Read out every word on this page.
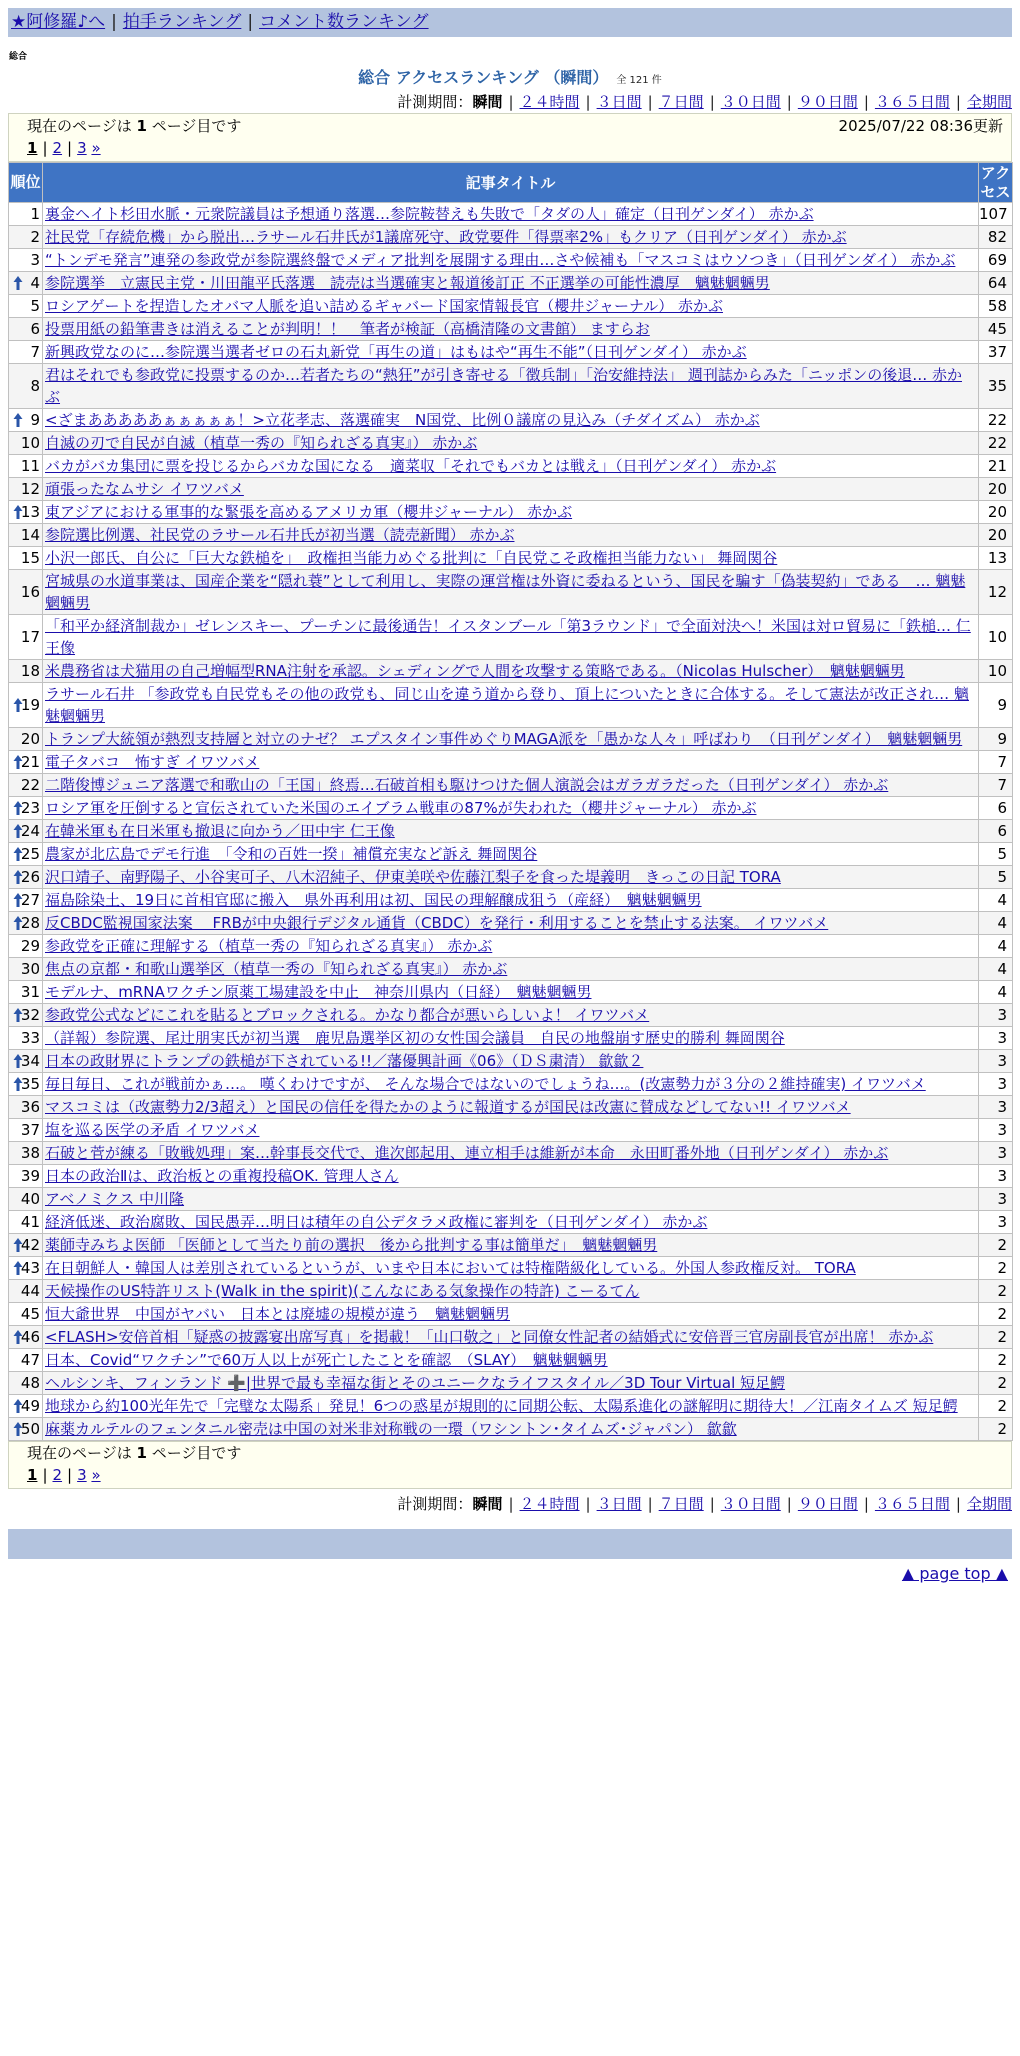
★阿修羅♪へ | 拍手ランキング | コメント数ランキング
総合
総合 アクセスランキング （瞬間） 全 121 件
計測期間：瞬間 | ２４時間 | ３日間 | ７日間 | ３０日間 | ９０日間 | ３６５日間 | 全期間
現在のページは 1 ページ目です	2025/07/22 08:36更新
1 | 2 | 3 »
順位	記事タイトル	アクセス
1	裏金ヘイト杉田水脈・元衆院議員は予想通り落選…参院鞍替えも失敗で「タダの人」確定（日刊ゲンダイ） 赤かぶ	107
2	社民党「存続危機」から脱出…ラサール石井氏が1議席死守、政党要件「得票率2%」もクリア（日刊ゲンダイ） 赤かぶ	82
3	“トンデモ発言”連発の参政党が参院選終盤でメディア批判を展開する理由…さや候補も「マスコミはウソつき」（日刊ゲンダイ） 赤かぶ	69

4	参院選挙　立憲民主党・川田龍平氏落選　読売は当選確実と報道後訂正 不正選挙の可能性濃厚　魑魅魍魎男	64
5	ロシアゲートを捏造したオバマ人脈を追い詰めるギャバード国家情報長官（櫻井ジャーナル） 赤かぶ	58
6	投票用紙の鉛筆書きは消えることが判明！！　筆者が検証（高橋清隆の文書館） ますらお	45
7	新興政党なのに…参院選当選者ゼロの石丸新党「再生の道」はもはや“再生不能”（日刊ゲンダイ） 赤かぶ	37
8	君はそれでも参政党に投票するのか…若者たちの“熱狂”が引き寄せる「徴兵制」「治安維持法」 週刊誌からみた「ニッポンの後退… 赤かぶ	35

9	<ざまあああああぁぁぁぁぁ！>立花孝志、落選確実　N国党、比例０議席の見込み（チダイズム） 赤かぶ	22
10	自滅の刃で自民が自滅（植草一秀の『知られざる真実』） 赤かぶ	22
11	バカがバカ集団に票を投じるからバカな国になる　適菜収「それでもバカとは戦え」（日刊ゲンダイ） 赤かぶ	21
12	頑張ったなムサシ イワツバメ	20

13	東アジアにおける軍事的な緊張を高めるアメリカ軍（櫻井ジャーナル） 赤かぶ	20
14	参院選比例選、社民党のラサール石井氏が初当選（読売新聞） 赤かぶ	20
15	小沢一郎氏、自公に「巨大な鉄槌を」　政権担当能力めぐる批判に「自民党こそ政権担当能力ない」 舞岡関谷	13
16	宮城県の水道事業は、国産企業を“隠れ蓑”として利用し、実際の運営権は外資に委ねるという、国民を騙す「偽装契約」である　… 魑魅魍魎男	12
17	「和平か経済制裁か」ゼレンスキー、プーチンに最後通告！イスタンブール「第3ラウンド」で全面対決へ！米国は対ロ貿易に「鉄槌… 仁王像	10
18	米農務省は犬猫用の自己増幅型RNA注射を承認。シェディングで人間を攻撃する策略である。（Nicolas Hulscher）　魑魅魍魎男	10

19	ラサール石井 「参政党も自民党もその他の政党も、同じ山を違う道から登り、頂上についたときに合体する。そして憲法が改正され… 魑魅魍魎男	9
20	トランプ大統領が熱烈支持層と対立のナゼ？ エプスタイン事件めぐりMAGA派を「愚かな人々」呼ばわり　（日刊ゲンダイ）　魑魅魍魎男	9

21	電子タバコ　怖すぎ イワツバメ	7
22	二階俊博ジュニア落選で和歌山の「王国」終焉…石破首相も駆けつけた個人演説会はガラガラだった（日刊ゲンダイ） 赤かぶ	7

23	ロシア軍を圧倒すると宣伝されていた米国のエイブラム戦車の87%が失われた（櫻井ジャーナル） 赤かぶ	6

24	在韓米軍も在日米軍も撤退に向かう／田中宇 仁王像	6

25	農家が北広島でデモ行進　「令和の百姓一揆」補償充実など訴え 舞岡関谷	5

26	沢口靖子、南野陽子、小谷実可子、八木沼純子、伊東美咲や佐藤江梨子を食った堤義明　きっこの日記 TORA	5

27	福島除染土、19日に首相官邸に搬入　県外再利用は初、国民の理解醸成狙う（産経）　魑魅魍魎男	4

28	反CBDC監視国家法案　 FRBが中央銀行デジタル通貨（CBDC）を発行・利用することを禁止する法案。 イワツバメ	4
29	参政党を正確に理解する（植草一秀の『知られざる真実』） 赤かぶ	4
30	焦点の京都・和歌山選挙区（植草一秀の『知られざる真実』） 赤かぶ	4
31	モデルナ、mRNAワクチン原薬工場建設を中止　神奈川県内（日経）　魑魅魍魎男	4

32	参政党公式などにこれを貼るとブロックされる。かなり都合が悪いらしいよ！ イワツバメ	3
33	（詳報）参院選、尾辻朋実氏が初当選　鹿児島選挙区初の女性国会議員　自民の地盤崩す歴史的勝利 舞岡関谷	3

34	日本の政財界にトランプの鉄槌が下されている!!／藩優興計画《06》（ＤＳ粛清） 歙歙２	3

35	毎日毎日、これが戦前かぁ…。 嘆くわけですが、 そんな場合ではないのでしょうね…。(改憲勢力が３分の２維持確実) イワツバメ	3
36	マスコミは（改憲勢力2/3超え）と国民の信任を得たかのように報道するが国民は改憲に賛成などしてない!! イワツバメ	3
37	塩を巡る医学の矛盾 イワツバメ	3
38	石破と菅が練る「敗戦処理」案…幹事長交代で、進次郎起用、連立相手は維新が本命　永田町番外地（日刊ゲンダイ） 赤かぶ	3
39	日本の政治Ⅱは、政治板との重複投稿OK. 管理人さん	3
40	アベノミクス 中川隆	3
41	経済低迷、政治腐敗、国民愚弄…明日は積年の自公デタラメ政権に審判を（日刊ゲンダイ） 赤かぶ	3

42	薬師寺みちよ医師 「医師として当たり前の選択　後から批判する事は簡単だ」　魑魅魍魎男	2

43	在日朝鮮人・韓国人は差別されているというが、いまや日本においては特権階級化している。外国人参政権反対。 TORA	2
44	天候操作のUS特許リスト(Walk in the spirit)(こんなにある気象操作の特許) こーるてん	2
45	恒大爺世界　中国がヤバい　日本とは廃墟の規模が違う　魑魅魍魎男	2

46	<FLASH>安倍首相「疑惑の披露宴出席写真」を掲載！「山口敬之」と同僚女性記者の結婚式に安倍晋三官房副長官が出席！ 赤かぶ	2
47	日本、Covid“ワクチン”で60万人以上が死亡したことを確認　（SLAY）　魑魅魍魎男	2
48	ヘルシンキ、フィンランド ➕|世界で最も幸福な街とそのユニークなライフスタイル／3D Tour Virtual 短足鰐	2

49	地球から約100光年先で「完璧な太陽系」発見！6つの惑星が規則的に同期公転、太陽系進化の謎解明に期待大！／江南タイムズ 短足鰐	2

50	麻薬カルテルのフェンタニル密売は中国の対米非対称戦の一環（ワシントン･タイムズ･ジャパン） 歙歙	2
現在のページは 1 ページ目です
1 | 2 | 3 »
計測期間：瞬間 | ２４時間 | ３日間 | ７日間 | ３０日間 | ９０日間 | ３６５日間 | 全期間
▲ page top ▲
